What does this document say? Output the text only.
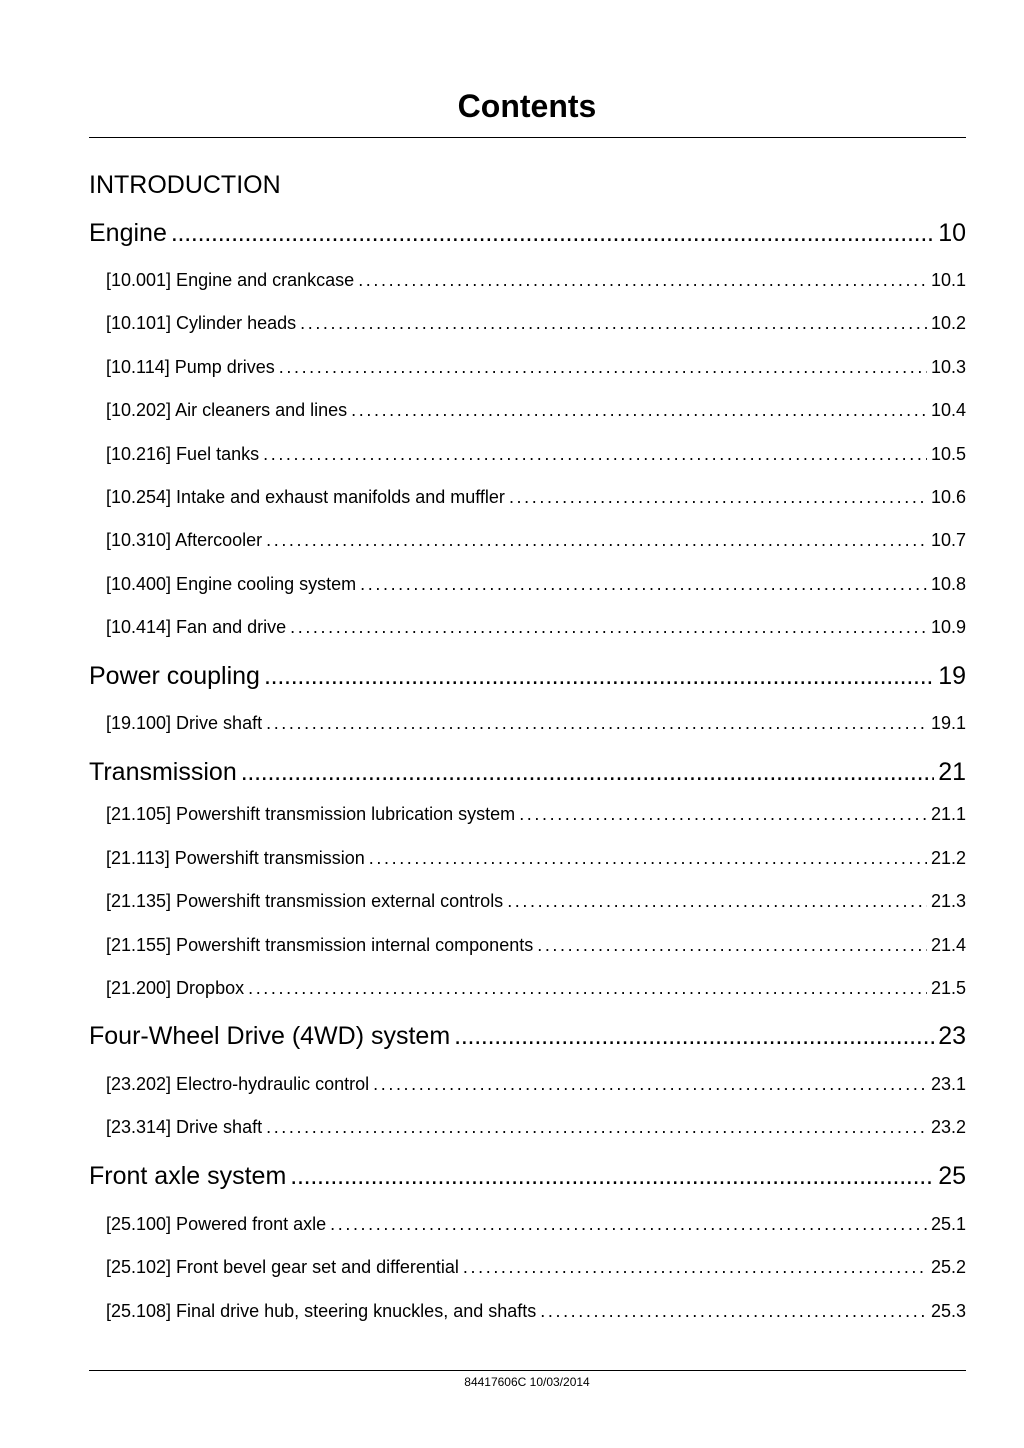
Contents
INTRODUCTION
Engine . . .	10
[10.001] Engine and crankcase . . .	10.1
[10.101] Cylinder heads . . .	10.2
[10.114] Pump drives . . .	10.3
[10.202] Air cleaners and lines . . .	10.4
[10.216] Fuel tanks . . .	10.5
[10.254] Intake and exhaust manifolds and muffler . . .	10.6
[10.310] Aftercooler . . .	10.7
[10.400] Engine cooling system . . .	10.8
[10.414] Fan and drive . . .	10.9
Power coupling . . .	19
[19.100] Drive shaft . . .	19.1
Transmission . . .	21
[21.105] Powershift transmission lubrication system . . .	21.1
[21.113] Powershift transmission . . .	21.2
[21.135] Powershift transmission external controls . . .	21.3
[21.155] Powershift transmission internal components . . .	21.4
[21.200] Dropbox . . .	21.5
Four-Wheel Drive (4WD) system . . .	23
[23.202] Electro-hydraulic control . . .	23.1
[23.314] Drive shaft . . .	23.2
Front axle system . . .	25
[25.100] Powered front axle . . .	25.1
[25.102] Front bevel gear set and differential . . .	25.2
[25.108] Final drive hub, steering knuckles, and shafts . . .	25.3
84417606C 10/03/2014
